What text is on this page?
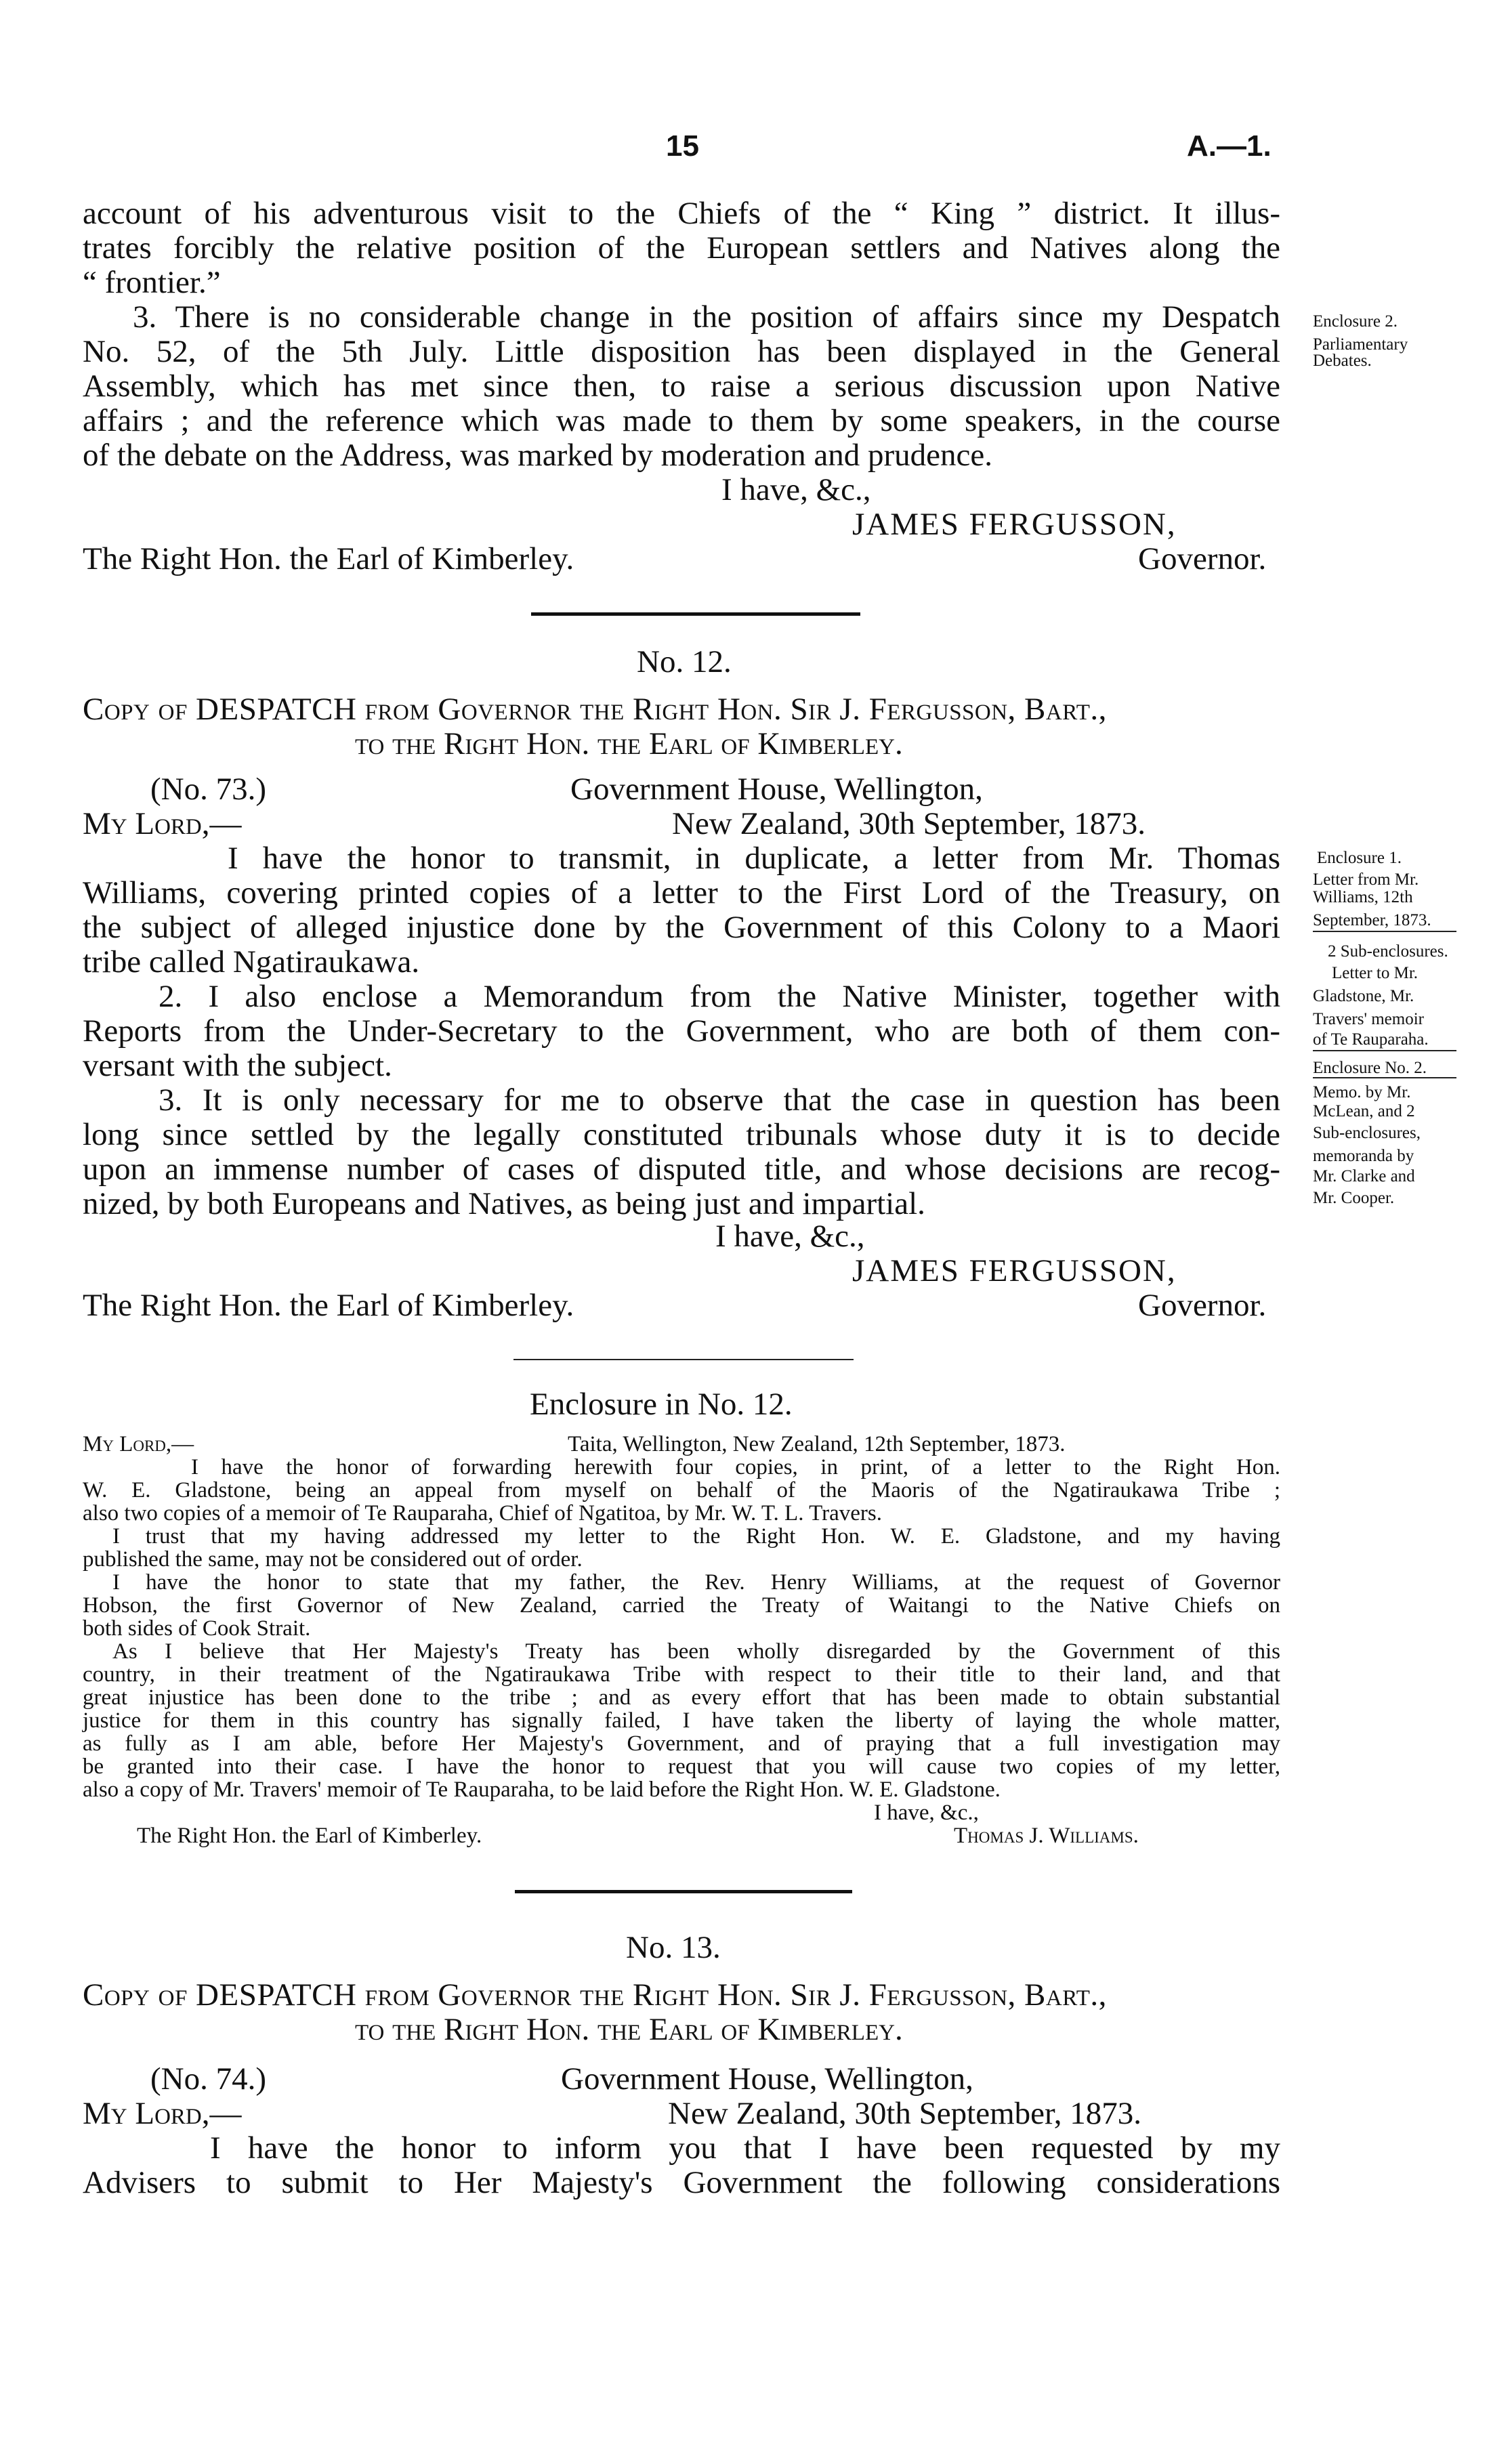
15	A.—1.
account of his adventurous visit to the Chiefs of the “ King ” district. It illus-
trates forcibly the relative position of the European settlers and Natives along the
“ frontier.”
3. There is no considerable change in the position of affairs since my Despatch
No. 52, of the 5th July. Little disposition has been displayed in the General
Assembly, which has met since then, to raise a serious discussion upon Native
affairs ; and the reference which was made to them by some speakers, in the course
of the debate on the Address, was marked by moderation and prudence.
Enclosure 2.
Parliamentary
Debates.
I have, &c.,
JAMES FERGUSSON,
The Right Hon. the Earl of Kimberley.	Governor.
No. 12.
Copy of DESPATCH from Governor the Right Hon. Sir J. Fergusson, Bart.,
to the Right Hon. the Earl of Kimberley.
(No. 73.)	Government House, Wellington,
My Lord,—	New Zealand, 30th September, 1873.
I have the honor to transmit, in duplicate, a letter from Mr. Thomas
Williams, covering printed copies of a letter to the First Lord of the Treasury, on
the subject of alleged injustice done by the Government of this Colony to a Maori
tribe called Ngatiraukawa.
2. I also enclose a Memorandum from the Native Minister, together with
Reports from the Under-Secretary to the Government, who are both of them con-
versant with the subject.
3. It is only necessary for me to observe that the case in question has been
long since settled by the legally constituted tribunals whose duty it is to decide
upon an immense number of cases of disputed title, and whose decisions are recog-
nized, by both Europeans and Natives, as being just and impartial.
Enclosure 1.
Letter from Mr.
Williams, 12th
September, 1873.
2 Sub-enclosures.
Letter to Mr.
Gladstone, Mr.
Travers' memoir
of Te Rauparaha.
Enclosure No. 2.
Memo. by Mr.
McLean, and 2
Sub-enclosures,
memoranda by
Mr. Clarke and
Mr. Cooper.
I have, &c.,
JAMES FERGUSSON,
The Right Hon. the Earl of Kimberley.	Governor.
Enclosure in No. 12.
My Lord,—	Taita, Wellington, New Zealand, 12th September, 1873.
I have the honor of forwarding herewith four copies, in print, of a letter to the Right Hon.
W. E. Gladstone, being an appeal from myself on behalf of the Maoris of the Ngatiraukawa Tribe ;
also two copies of a memoir of Te Rauparaha, Chief of Ngatitoa, by Mr. W. T. L. Travers.
I trust that my having addressed my letter to the Right Hon. W. E. Gladstone, and my having
published the same, may not be considered out of order.
I have the honor to state that my father, the Rev. Henry Williams, at the request of Governor
Hobson, the first Governor of New Zealand, carried the Treaty of Waitangi to the Native Chiefs on
both sides of Cook Strait.
As I believe that Her Majesty's Treaty has been wholly disregarded by the Government of this
country, in their treatment of the Ngatiraukawa Tribe with respect to their title to their land, and that
great injustice has been done to the tribe ; and as every effort that has been made to obtain substantial
justice for them in this country has signally failed, I have taken the liberty of laying the whole matter,
as fully as I am able, before Her Majesty's Government, and of praying that a full investigation may
be granted into their case. I have the honor to request that you will cause two copies of my letter,
also a copy of Mr. Travers' memoir of Te Rauparaha, to be laid before the Right Hon. W. E. Gladstone.
I have, &c.,
The Right Hon. the Earl of Kimberley.	Thomas J. Williams.
No. 13.
Copy of DESPATCH from Governor the Right Hon. Sir J. Fergusson, Bart.,
to the Right Hon. the Earl of Kimberley.
(No. 74.)	Government House, Wellington,
My Lord,—	New Zealand, 30th September, 1873.
I have the honor to inform you that I have been requested by my
Advisers to submit to Her Majesty's Government the following considerations
